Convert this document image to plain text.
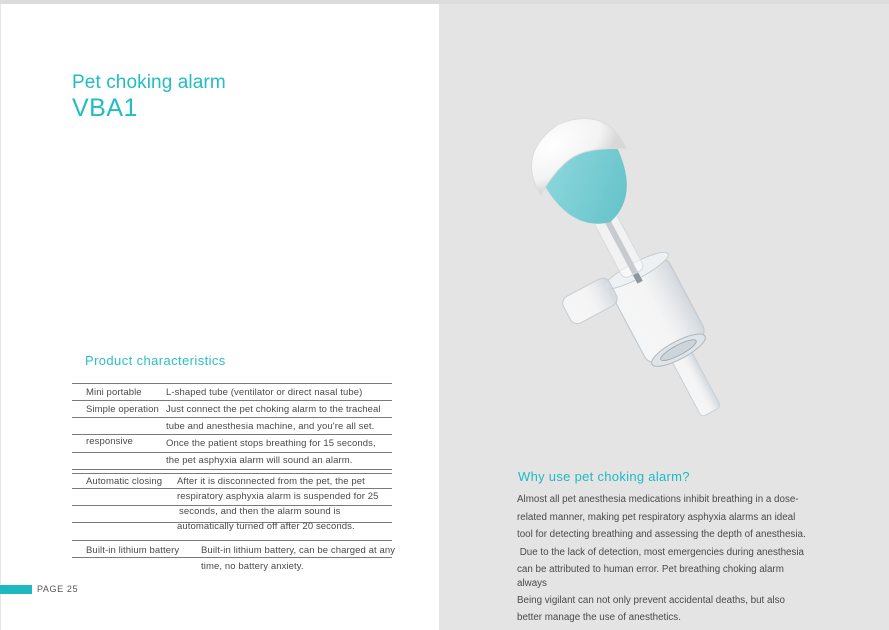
Pet choking alarm
VBA1
Product characteristics
Mini portable	L-shaped tube (ventilator or direct nasal tube)
Simple operation Just connect the pet choking alarm to the tracheal
tube and anesthesia machine, and you're all set.
responsive	Once the patient stops breathing for 15 seconds,
the pet asphyxia alarm will sound an alarm.
Automatic closing After it is disconnected from the pet, the pet
respiratory asphyxia alarm is suspended for 25
seconds, and then the alarm sound is
automatically turned off after 20 seconds.
Built-in lithium battery Built-in lithium battery, can be charged at any
time, no battery anxiety.
PAGE 25
Why use pet choking alarm?
Almost all pet anesthesia medications inhibit breathing in a dose-
related manner, making pet respiratory asphyxia alarms an ideal
tool for detecting breathing and assessing the depth of anesthesia.
Due to the lack of detection, most emergencies during anesthesia
can be attributed to human error. Pet breathing choking alarm
always
Being vigilant can not only prevent accidental deaths, but also
better manage the use of anesthetics.
